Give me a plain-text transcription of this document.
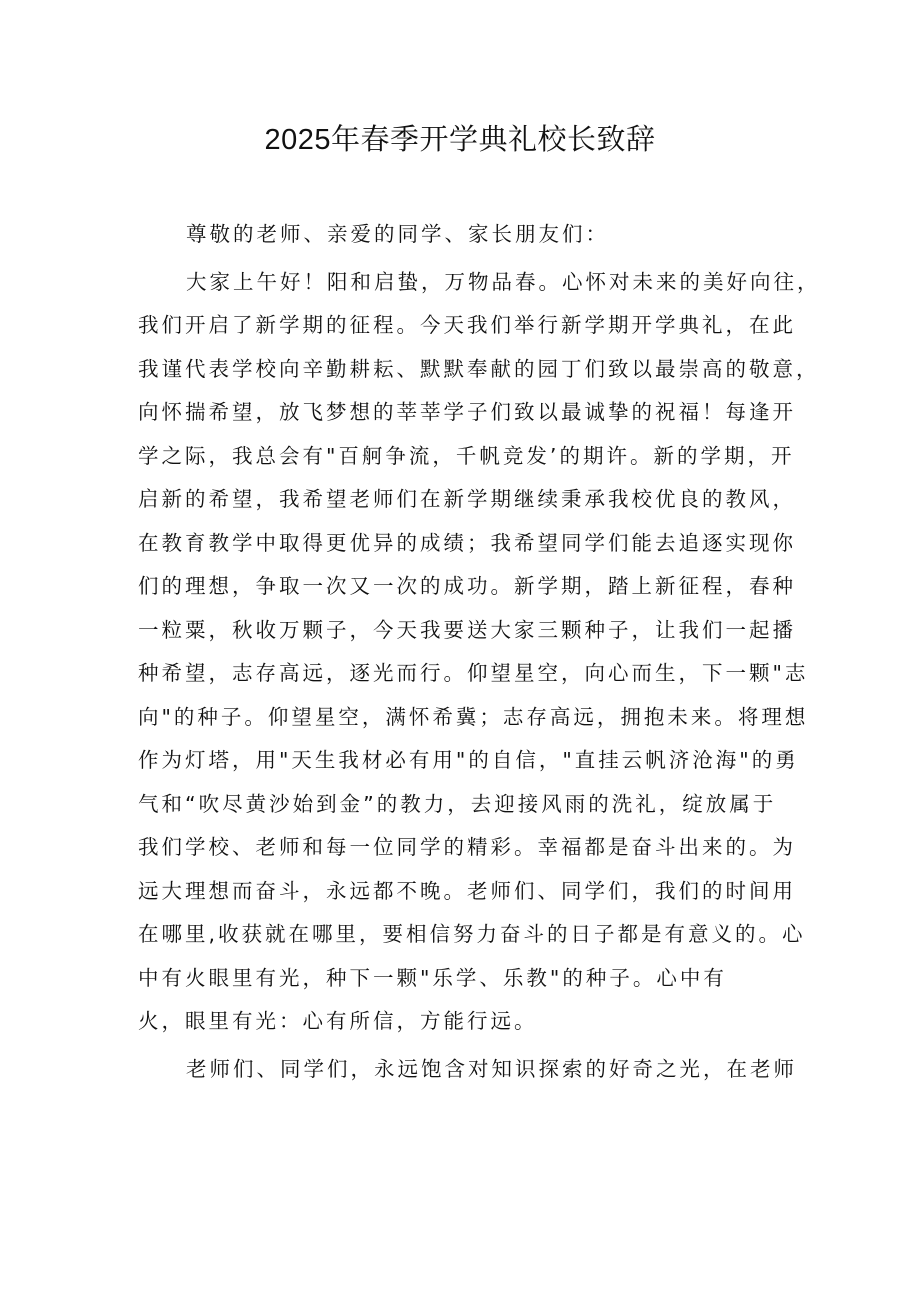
2025年春季开学典礼校长致辞
尊敬的老师、亲爱的同学、家长朋友们：
大家上午好！阳和启蛰，万物品春。心怀对未来的美好向往，
我们开启了新学期的征程。今天我们举行新学期开学典礼，在此
我谨代表学校向辛勤耕耘、默默奉献的园丁们致以最崇高的敬意，
向怀揣希望，放飞梦想的莘莘学子们致以最诚挚的祝福！每逢开
学之际，我总会有"百舸争流，千帆竞发’的期许。新的学期，开
启新的希望，我希望老师们在新学期继续秉承我校优良的教风，
在教育教学中取得更优异的成绩；我希望同学们能去追逐实现你
们的理想，争取一次又一次的成功。新学期，踏上新征程，春种
一粒粟，秋收万颗子，今天我要送大家三颗种子，让我们一起播
种希望，志存高远，逐光而行。仰望星空，向心而生，下一颗"志
向"的种子。仰望星空，满怀希冀；志存高远，拥抱未来。将理想
作为灯塔，用"天生我材必有用"的自信，"直挂云帆济沧海"的勇
气和“吹尽黄沙始到金”的教力，去迎接风雨的洗礼，绽放属于
我们学校、老师和每一位同学的精彩。幸福都是奋斗出来的。为
远大理想而奋斗，永远都不晚。老师们、同学们，我们的时间用
在哪里,收获就在哪里，要相信努力奋斗的日子都是有意义的。心
中有火眼里有光，种下一颗"乐学、乐教"的种子。心中有
火，眼里有光：心有所信，方能行远。
老师们、同学们，永远饱含对知识探索的好奇之光，在老师
